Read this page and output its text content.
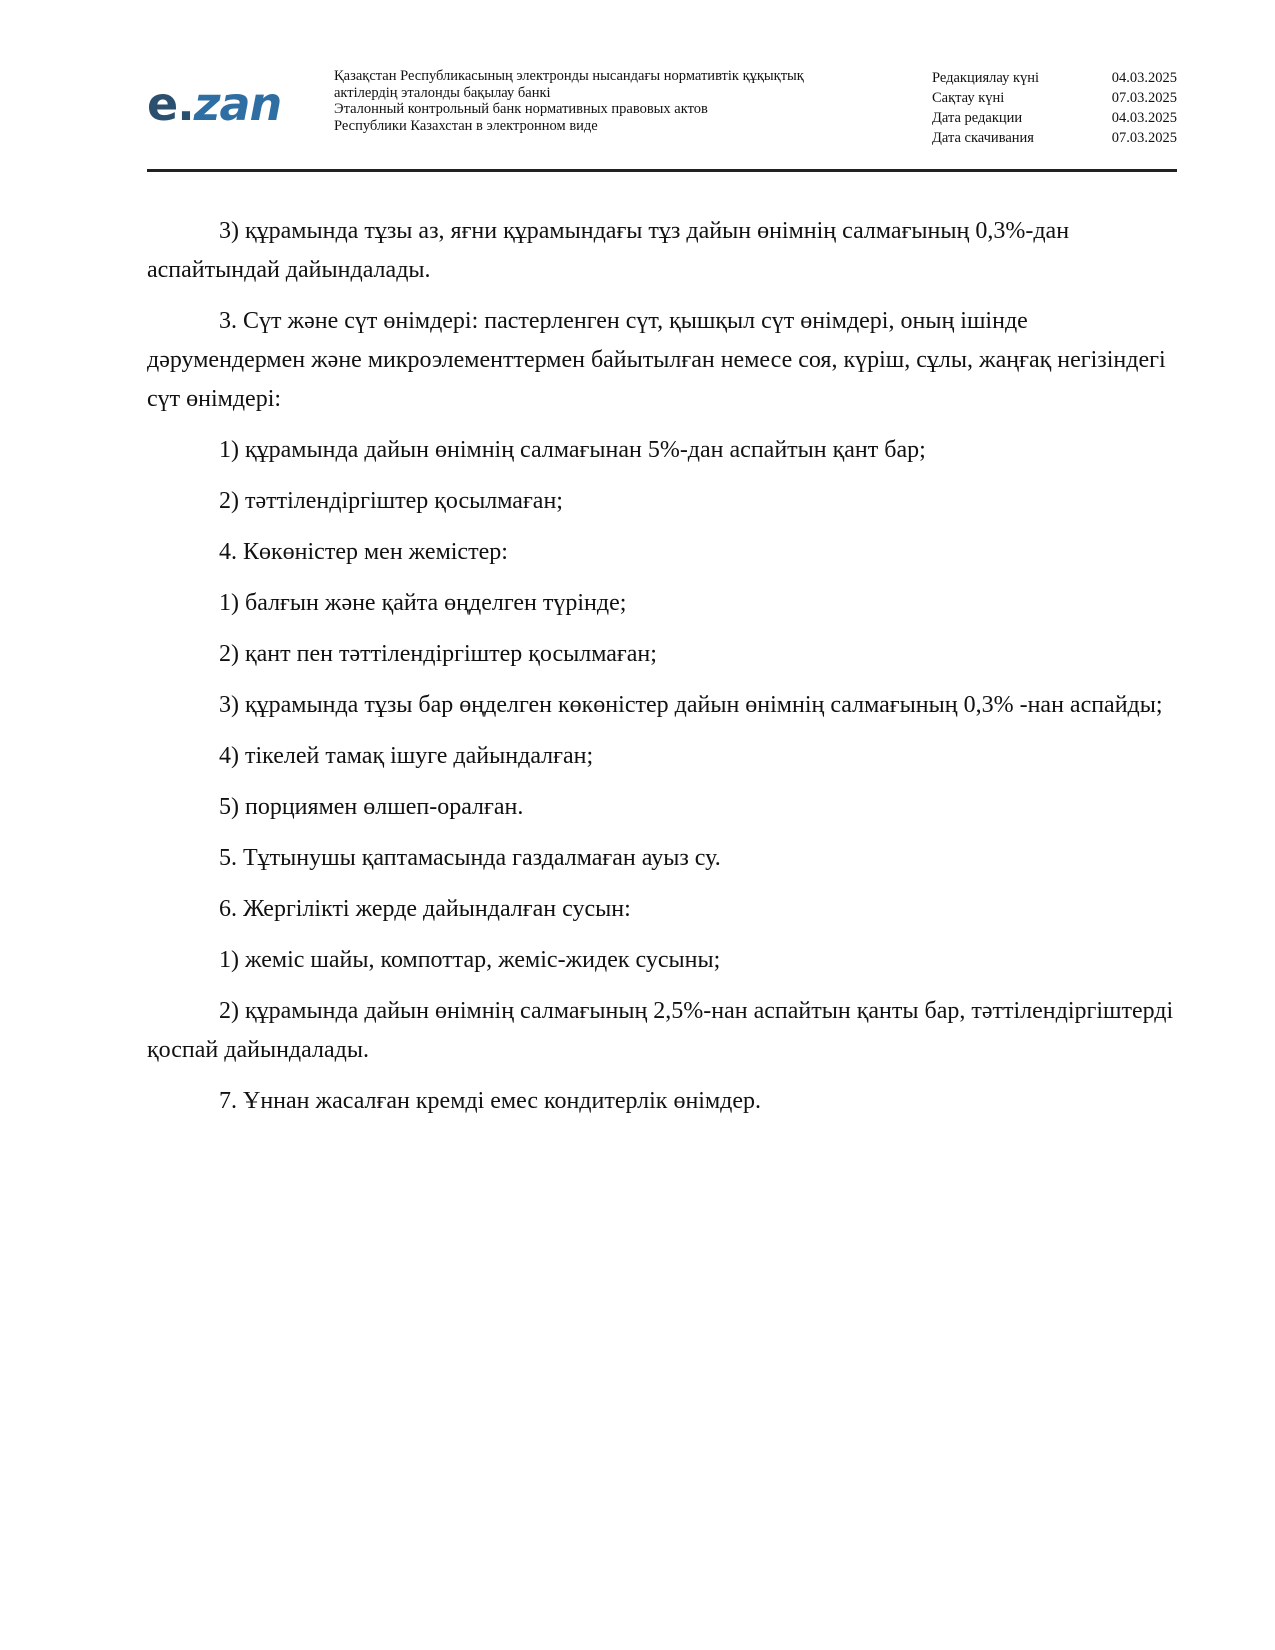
e.zan
Қазақстан Республикасының электронды нысандағы нормативтік құқықтық
актілердің эталонды бақылау банкі
Эталонный контрольный банк нормативных правовых актов
Республики Казахстан в электронном виде
Редакциялау күні	04.03.2025
Сақтау күні	07.03.2025
Дата редакции	04.03.2025
Дата скачивания	07.03.2025

3) құрамында тұзы аз, яғни құрамындағы тұз дайын өнімнің салмағының 0,3%-дан аспайтындай дайындалады.

3. Сүт және сүт өнімдері: пастерленген сүт, қышқыл сүт өнімдері, оның ішінде дәрумендермен және микроэлементтермен байытылған немесе соя, күріш, сұлы, жаңғақ негізіндегі сүт өнімдері:

1) құрамында дайын өнімнің салмағынан 5%-дан аспайтын қант бар;

2) тәттілендіргіштер қосылмаған;

4. Көкөністер мен жемістер:

1) балғын және қайта өңделген түрінде;

2) қант пен тәттілендіргіштер қосылмаған;

3) құрамында тұзы бар өңделген көкөністер дайын өнімнің салмағының 0,3% -нан аспайды;

4) тікелей тамақ ішуге дайындалған;

5) порциямен өлшеп-оралған.

5. Тұтынушы қаптамасында газдалмаған ауыз су.

6. Жергілікті жерде дайындалған сусын:

1) жеміс шайы, компоттар, жеміс-жидек сусыны;

2) құрамында дайын өнімнің салмағының 2,5%-нан аспайтын қанты бар, тәттілендіргіштерді қоспай дайындалады.

7. Ұннан жасалған кремді емес кондитерлік өнімдер.
